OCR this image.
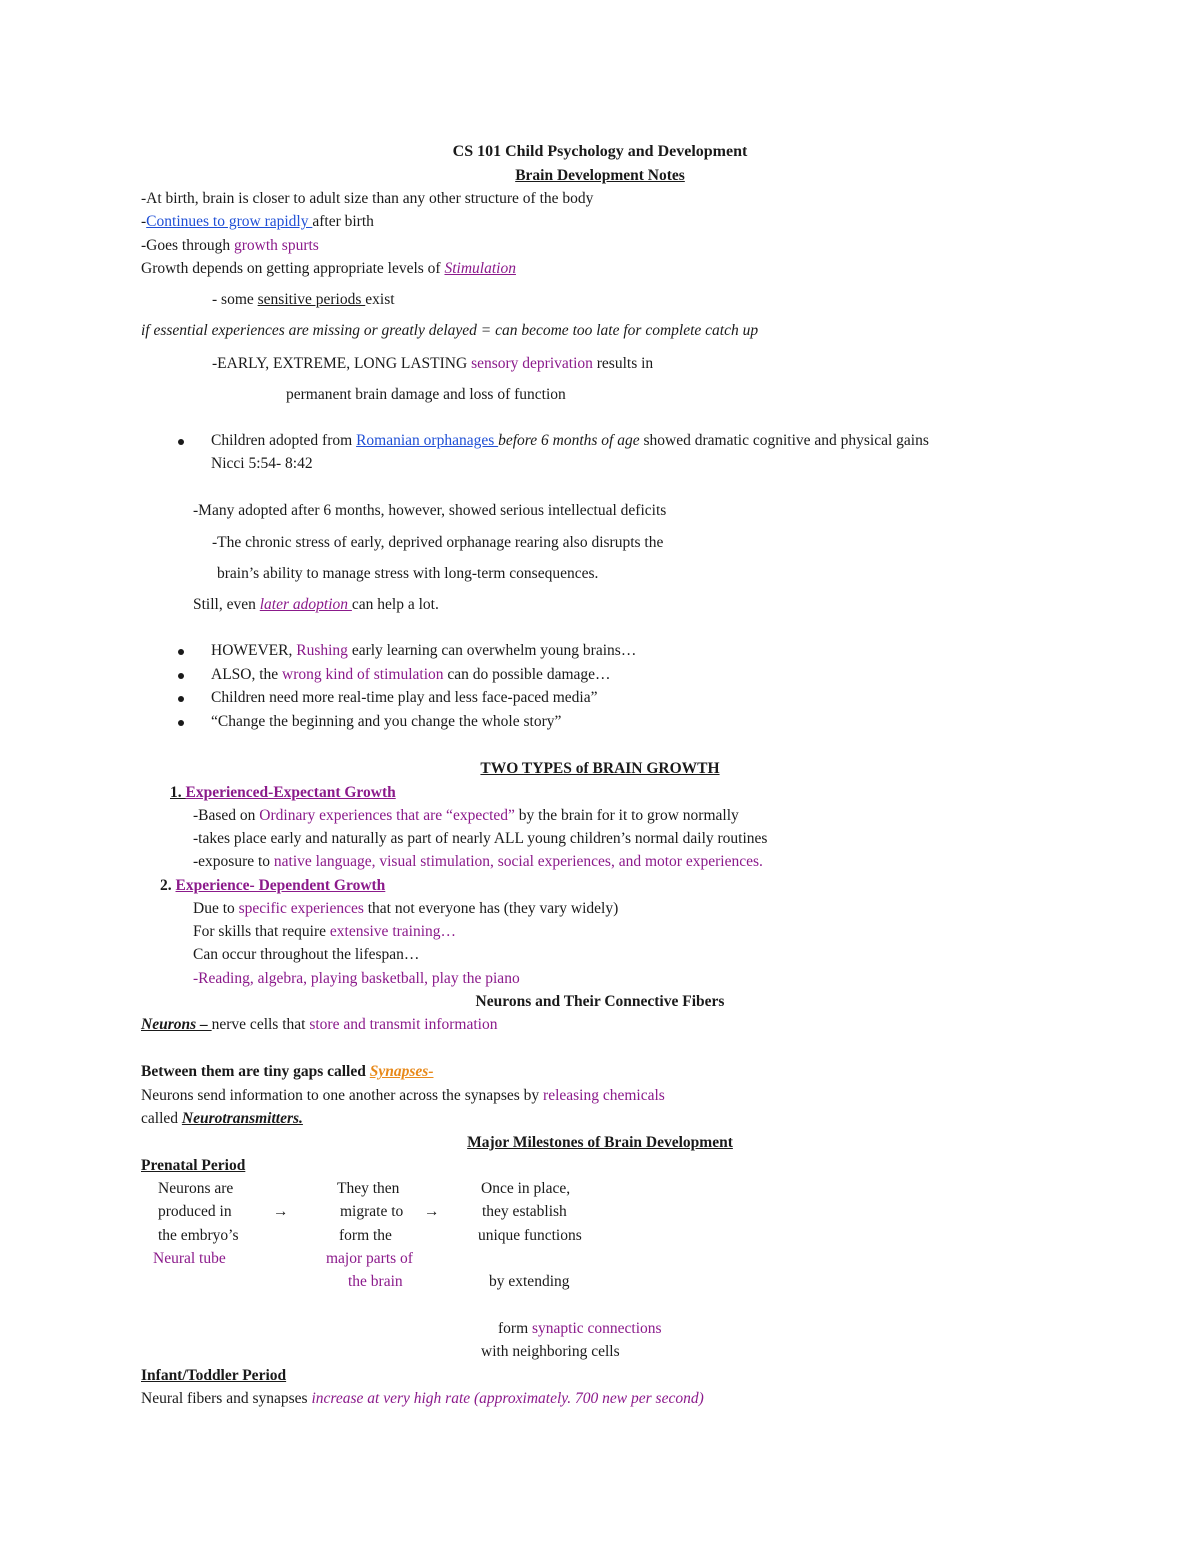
CS 101 Child Psychology and Development
Brain Development Notes
-At birth, brain is closer to adult size than any other structure of the body
-Continues to grow rapidly after birth
-Goes through growth spurts
Growth depends on getting appropriate levels of Stimulation
- some sensitive periods exist
if essential experiences are missing or greatly delayed = can become too late for complete catch up
-EARLY, EXTREME, LONG LASTING sensory deprivation results in
permanent brain damage and loss of function
Children adopted from Romanian orphanages before 6 months of age showed dramatic cognitive and physical gains
Nicci 5:54- 8:42
-Many adopted after 6 months, however, showed serious intellectual deficits
-The chronic stress of early, deprived orphanage rearing also disrupts the
brain’s ability to manage stress with long-term consequences.
Still, even later adoption can help a lot.
HOWEVER, Rushing early learning can overwhelm young brains…
ALSO, the wrong kind of stimulation can do possible damage…
Children need more real-time play and less face-paced media”
“Change the beginning and you change the whole story”
TWO TYPES of BRAIN GROWTH
1. Experienced-Expectant Growth
-Based on Ordinary experiences that are “expected” by the brain for it to grow normally
-takes place early and naturally as part of nearly ALL young children’s normal daily routines
-exposure to native language, visual stimulation, social experiences, and motor experiences.
2. Experience- Dependent Growth
Due to specific experiences that not everyone has (they vary widely)
For skills that require extensive training…
Can occur throughout the lifespan…
-Reading, algebra, playing basketball, play the piano
Neurons and Their Connective Fibers
Neurons – nerve cells that store and transmit information
Between them are tiny gaps called Synapses-
Neurons send information to one another across the synapses by releasing chemicals
called Neurotransmitters.
Major Milestones of Brain Development
Prenatal Period
Neurons are
produced in
the embryo’s
Neural tube
→
They then
migrate to
form the
major parts of
the brain
→
Once in place,
they establish
unique functions
by extending
form synaptic connections
with neighboring cells
Infant/Toddler Period
Neural fibers and synapses increase at very high rate (approximately. 700 new per second)
